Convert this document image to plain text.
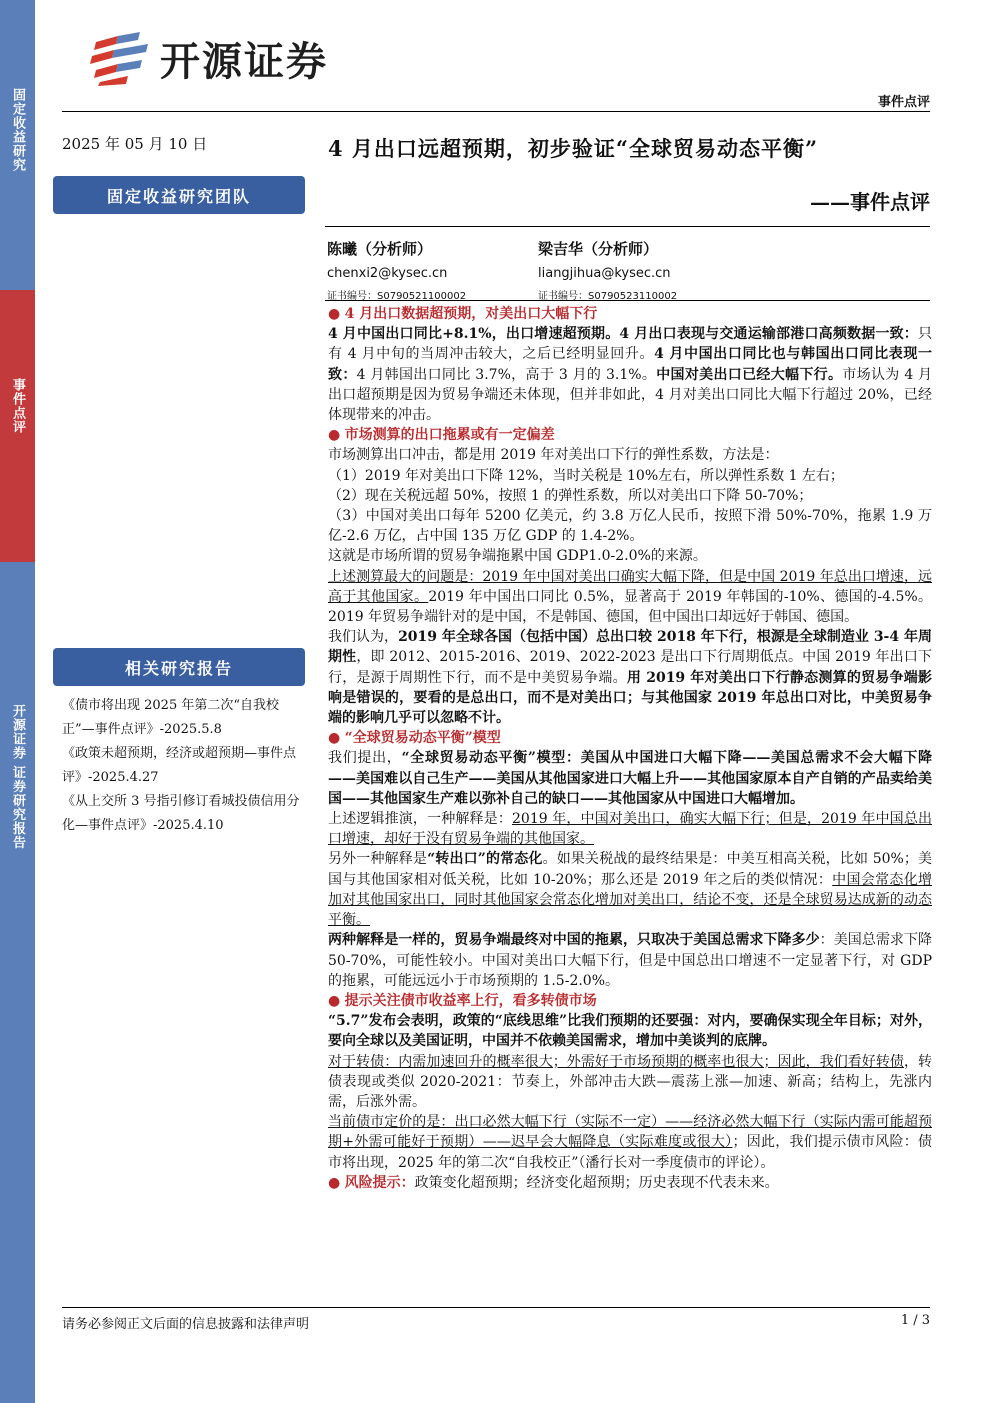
固定收益研究
事件点评
开源证券 证券研究报告
开源证券
事件点评
2025 年 05 月 10 日	4 月出口远超预期，初步验证“全球贸易动态平衡”
——事件点评
固定收益研究团队
陈曦（分析师）
chenxi2@kysec.cn
证书编号：S0790521100002
梁吉华（分析师）
liangjihua@kysec.cn
证书编号：S0790523110002
相关研究报告
《债市将出现 2025 年第二次“自我校正”—事件点评》-2025.5.8
《政策未超预期，经济或超预期—事件点评》-2025.4.27
《从上交所 3 号指引修订看城投债信用分化—事件点评》-2025.4.10

● 4 月出口数据超预期，对美出口大幅下行

4 月中国出口同比+8.1%，出口增速超预期。4 月出口表现与交通运输部港口高频数据一致：只有 4 月中旬的当周冲击较大，之后已经明显回升。4 月中国出口同比也与韩国出口同比表现一致：4 月韩国出口同比 3.7%，高于 3 月的 3.1%。中国对美出口已经大幅下行。市场认为 4 月出口超预期是因为贸易争端还未体现，但并非如此，4 月对美出口同比大幅下行超过 20%，已经体现带来的冲击。

● 市场测算的出口拖累或有一定偏差

市场测算出口冲击，都是用 2019 年对美出口下行的弹性系数，方法是：

（1）2019 年对美出口下降 12%，当时关税是 10%左右，所以弹性系数 1 左右；

（2）现在关税远超 50%，按照 1 的弹性系数，所以对美出口下降 50-70%；

（3）中国对美出口每年 5200 亿美元，约 3.8 万亿人民币，按照下滑 50%-70%，拖累 1.9 万亿-2.6 万亿，占中国 135 万亿 GDP 的 1.4-2%。

这就是市场所谓的贸易争端拖累中国 GDP1.0-2.0%的来源。

上述测算最大的问题是：2019 年中国对美出口确实大幅下降，但是中国 2019 年总出口增速，远高于其他国家。2019 年中国出口同比 0.5%，显著高于 2019 年韩国的-10%、德国的-4.5%。2019 年贸易争端针对的是中国，不是韩国、德国，但中国出口却远好于韩国、德国。

我们认为，2019 年全球各国（包括中国）总出口较 2018 年下行，根源是全球制造业 3-4 年周期性，即 2012、2015-2016、2019、2022-2023 是出口下行周期低点。中国 2019 年出口下行，是源于周期性下行，而不是中美贸易争端。用 2019 年对美出口下行静态测算的贸易争端影响是错误的，要看的是总出口，而不是对美出口；与其他国家 2019 年总出口对比，中美贸易争端的影响几乎可以忽略不计。

● “全球贸易动态平衡”模型

我们提出，“全球贸易动态平衡”模型：美国从中国进口大幅下降——美国总需求不会大幅下降——美国难以自己生产——美国从其他国家进口大幅上升——其他国家原本自产自销的产品卖给美国——其他国家生产难以弥补自己的缺口——其他国家从中国进口大幅增加。

上述逻辑推演，一种解释是：2019 年，中国对美出口，确实大幅下行；但是，2019 年中国总出口增速，却好于没有贸易争端的其他国家。

另外一种解释是“转出口”的常态化。如果关税战的最终结果是：中美互相高关税，比如 50%；美国与其他国家相对低关税，比如 10-20%；那么还是 2019 年之后的类似情况：中国会常态化增加对其他国家出口，同时其他国家会常态化增加对美出口，结论不变，还是全球贸易达成新的动态平衡。

两种解释是一样的，贸易争端最终对中国的拖累，只取决于美国总需求下降多少：美国总需求下降 50-70%，可能性较小。中国对美出口大幅下行，但是中国总出口增速不一定显著下行，对 GDP 的拖累，可能远远小于市场预期的 1.5-2.0%。

● 提示关注债市收益率上行，看多转债市场

“5.7”发布会表明，政策的“底线思维”比我们预期的还要强：对内，要确保实现全年目标；对外，要向全球以及美国证明，中国并不依赖美国需求，增加中美谈判的底牌。

对于转债：内需加速回升的概率很大；外需好于市场预期的概率也很大；因此，我们看好转债，转债表现或类似 2020-2021：节奏上，外部冲击大跌—震荡上涨—加速、新高；结构上，先涨内需，后涨外需。

当前债市定价的是：出口必然大幅下行（实际不一定）——经济必然大幅下行（实际内需可能超预期+外需可能好于预期）——迟早会大幅降息（实际难度或很大）；因此，我们提示债市风险：债市将出现，2025 年的第二次“自我校正”（潘行长对一季度债市的评论）。

● 风险提示：政策变化超预期；经济变化超预期；历史表现不代表未来。

请务必参阅正文后面的信息披露和法律声明	1 / 3
